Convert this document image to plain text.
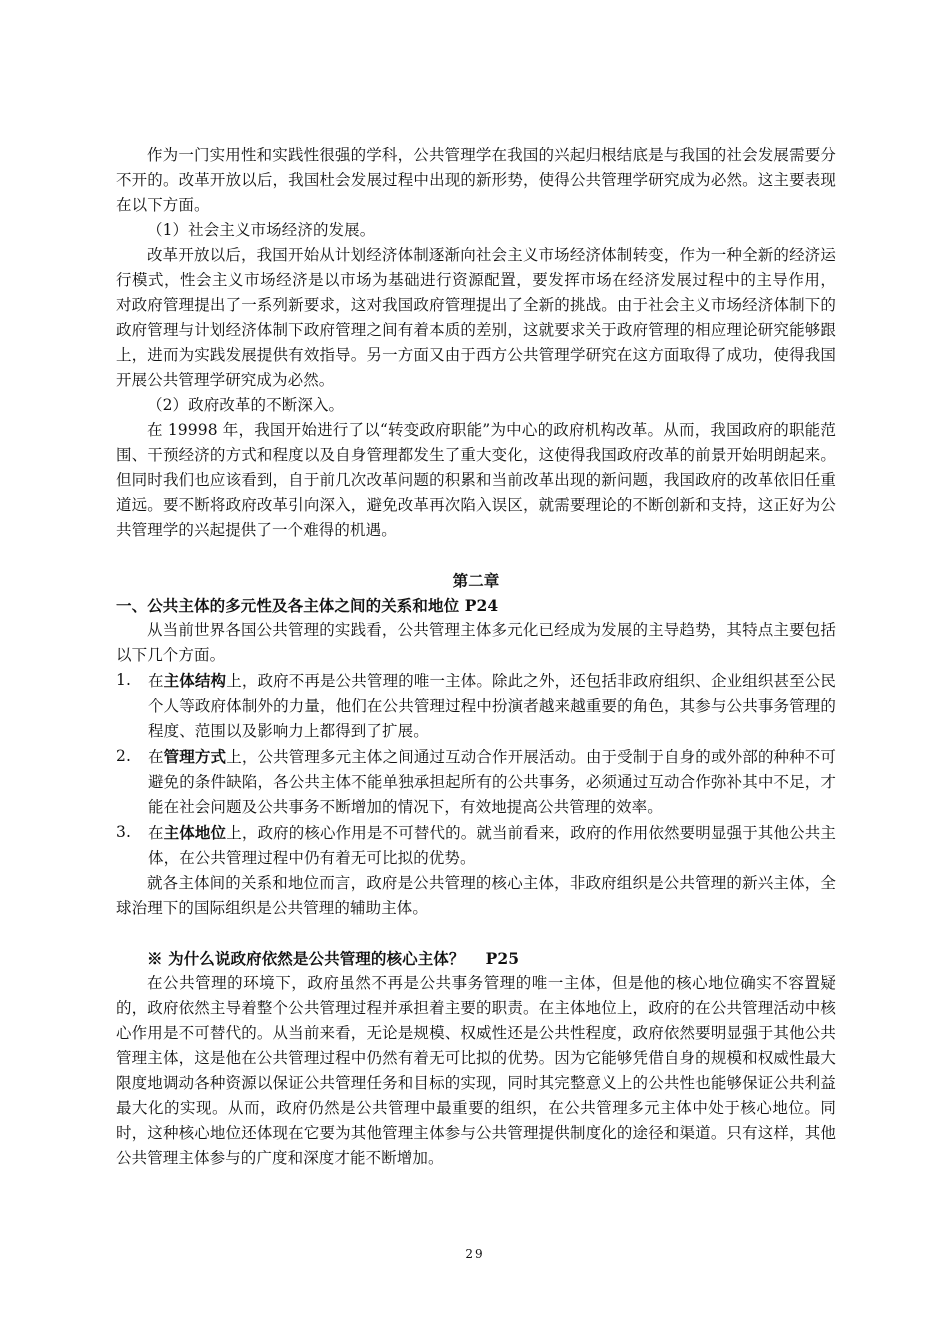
作为一门实用性和实践性很强的学科，公共管理学在我国的兴起归根结底是与我国的社会发展需要分不开的。改革开放以后，我国杜会发展过程中出现的新形势，使得公共管理学研究成为必然。这主要表现在以下方面。

（1）社会主义市场经济的发展。

改革开放以后，我国开始从计划经济体制逐渐向社会主义市场经济体制转变，作为一种全新的经济运行模式，性会主义市场经济是以市场为基础进行资源配置，要发挥市场在经济发展过程中的主导作用， 对政府管理提出了一系列新要求，这对我国政府管理提出了全新的挑战。由于社会主义市场经济体制下的政府管理与计划经济体制下政府管理之间有着本质的差别，这就要求关于政府管理的相应理论研究能够跟上，进而为实践发展提供有效指导。另一方面又由于西方公共管理学研究在这方面取得了成功，使得我国开展公共管理学研究成为必然。

（2）政府改革的不断深入。

在 19998 年，我国开始进行了以“转变政府职能”为中心的政府机构改革。从而，我国政府的职能范围、干预经济的方式和程度以及自身管理都发生了重大变化，这使得我国政府改革的前景开始明朗起来。 但同时我们也应该看到，自于前几次改革问题的积累和当前改革出现的新问题，我国政府的改革依旧任重道远。要不断将政府改革引向深入，避免改革再次陷入误区，就需要理论的不断创新和支持，这正好为公共管理学的兴起提供了一个难得的机遇。

第二章

一、公共主体的多元性及各主体之间的关系和地位 P24

从当前世界各国公共管理的实践看，公共管理主体多元化已经成为发展的主导趋势，其特点主要包括以下几个方面。

1.	在主体结构上，政府不再是公共管理的唯一主体。除此之外，还包括非政府组织、企业组织甚至公民个人等政府体制外的力量，他们在公共管理过程中扮演者越来越重要的角色，其参与公共事务管理的程度、范围以及影响力上都得到了扩展。
2.	在管理方式上，公共管理多元主体之间通过互动合作开展活动。由于受制于自身的或外部的种种不可避免的条件缺陷，各公共主体不能单独承担起所有的公共事务，必须通过互动合作弥补其中不足，才能在社会问题及公共事务不断增加的情况下，有效地提高公共管理的效率。
3.	在主体地位上，政府的核心作用是不可替代的。就当前看来，政府的作用依然要明显强于其他公共主体，在公共管理过程中仍有着无可比拟的优势。

就各主体间的关系和地位而言，政府是公共管理的核心主体，非政府组织是公共管理的新兴主体，全球治理下的国际组织是公共管理的辅助主体。

※ 为什么说政府依然是公共管理的核心主体？　 P25

在公共管理的环境下，政府虽然不再是公共事务管理的唯一主体，但是他的核心地位确实不容置疑的，政府依然主导着整个公共管理过程并承担着主要的职责。在主体地位上，政府的在公共管理活动中核心作用是不可替代的。从当前来看，无论是规模、权威性还是公共性程度，政府依然要明显强于其他公共管理主体，这是他在公共管理过程中仍然有着无可比拟的优势。因为它能够凭借自身的规模和权威性最大限度地调动各种资源以保证公共管理任务和目标的实现，同时其完整意义上的公共性也能够保证公共利益最大化的实现。从而，政府仍然是公共管理中最重要的组织，在公共管理多元主体中处于核心地位。同时，这种核心地位还体现在它要为其他管理主体参与公共管理提供制度化的途径和渠道。只有这样，其他公共管理主体参与的广度和深度才能不断增加。

29
